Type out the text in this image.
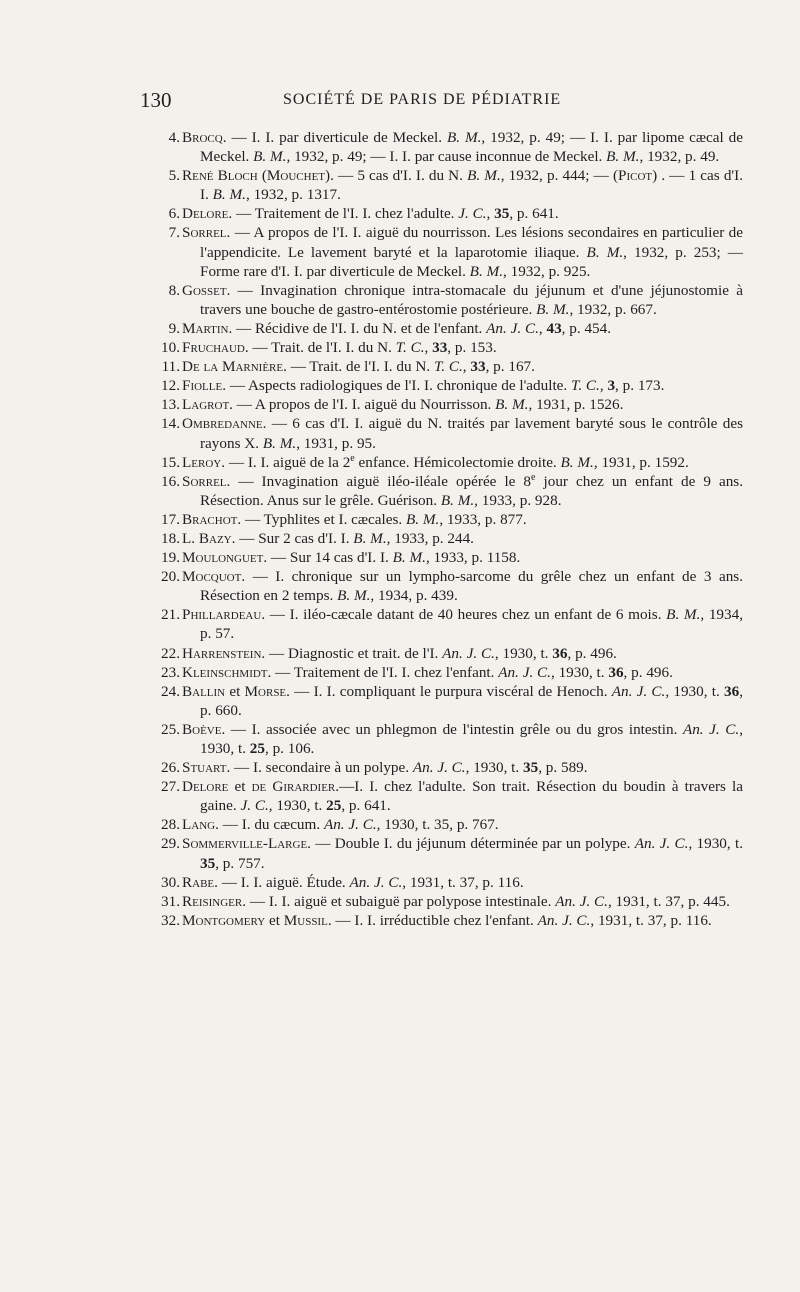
130	SOCIÉTÉ DE PARIS DE PÉDIATRIE
4. Brocq. — I. I. par diverticule de Meckel. B. M., 1932, p. 49; — I. I. par lipome cæcal de Meckel. B. M., 1932, p. 49; — I. I. par cause inconnue de Meckel. B. M., 1932, p. 49.
5. René Bloch (Mouchet). — 5 cas d'I. I. du N. B. M., 1932, p. 444; — (Picot) . — 1 cas d'I. I. B. M., 1932, p. 1317.
6. Delore. — Traitement de l'I. I. chez l'adulte. J. C., 35, p. 641.
7. Sorrel. — A propos de l'I. I. aiguë du nourrisson. Les lésions secondaires en particulier de l'appendicite. Le lavement baryté et la laparotomie iliaque. B. M., 1932, p. 253; — Forme rare d'I. I. par diverticule de Meckel. B. M., 1932, p. 925.
8. Gosset. — Invagination chronique intra-stomacale du jéjunum et d'une jéjunostomie à travers une bouche de gastro-entérostomie postérieure. B. M., 1932, p. 667.
9. Martin. — Récidive de l'I. I. du N. et de l'enfant. An. J. C., 43, p. 454.
10. Fruchaud. — Trait. de l'I. I. du N. T. C., 33, p. 153.
11. De la Marnière. — Trait. de l'I. I. du N. T. C., 33, p. 167.
12. Fiolle. — Aspects radiologiques de l'I. I. chronique de l'adulte. T. C., 3, p. 173.
13. Lagrot. — A propos de l'I. I. aiguë du Nourrisson. B. M., 1931, p. 1526.
14. Ombredanne. — 6 cas d'I. I. aiguë du N. traités par lavement baryté sous le contrôle des rayons X. B. M., 1931, p. 95.
15. Leroy. — I. I. aiguë de la 2e enfance. Hémicolectomie droite. B. M., 1931, p. 1592.
16. Sorrel. — Invagination aiguë iléo-iléale opérée le 8e jour chez un enfant de 9 ans. Résection. Anus sur le grêle. Guérison. B. M., 1933, p. 928.
17. Brachot. — Typhlites et I. cæcales. B. M., 1933, p. 877.
18. L. Bazy. — Sur 2 cas d'I. I. B. M., 1933, p. 244.
19. Moulonguet. — Sur 14 cas d'I. I. B. M., 1933, p. 1158.
20. Mocquot. — I. chronique sur un lympho-sarcome du grêle chez un enfant de 3 ans. Résection en 2 temps. B. M., 1934, p. 439.
21. Phillardeau. — I. iléo-cæcale datant de 40 heures chez un enfant de 6 mois. B. M., 1934, p. 57.
22. Harrenstein. — Diagnostic et trait. de l'I. An. J. C., 1930, t. 36, p. 496.
23. Kleinschmidt. — Traitement de l'I. I. chez l'enfant. An. J. C., 1930, t. 36, p. 496.
24. Ballin et Morse. — I. I. compliquant le purpura viscéral de Henoch. An. J. C., 1930, t. 36, p. 660.
25. Boève. — I. associée avec un phlegmon de l'intestin grêle ou du gros intestin. An. J. C., 1930, t. 25, p. 106.
26. Stuart. — I. secondaire à un polype. An. J. C., 1930, t. 35, p. 589.
27. Delore et de Girardier.—I. I. chez l'adulte. Son trait. Résection du boudin à travers la gaine. J. C., 1930, t. 25, p. 641.
28. Lang. — I. du cæcum. An. J. C., 1930, t. 35, p. 767.
29. Sommerville-Large. — Double I. du jéjunum déterminée par un polype. An. J. C., 1930, t. 35, p. 757.
30. Rabe. — I. I. aiguë. Étude. An. J. C., 1931, t. 37, p. 116.
31. Reisinger. — I. I. aiguë et subaiguë par polypose intestinale. An. J. C., 1931, t. 37, p. 445.
32. Montgomery et Mussil. — I. I. irréductible chez l'enfant. An. J. C., 1931, t. 37, p. 116.
